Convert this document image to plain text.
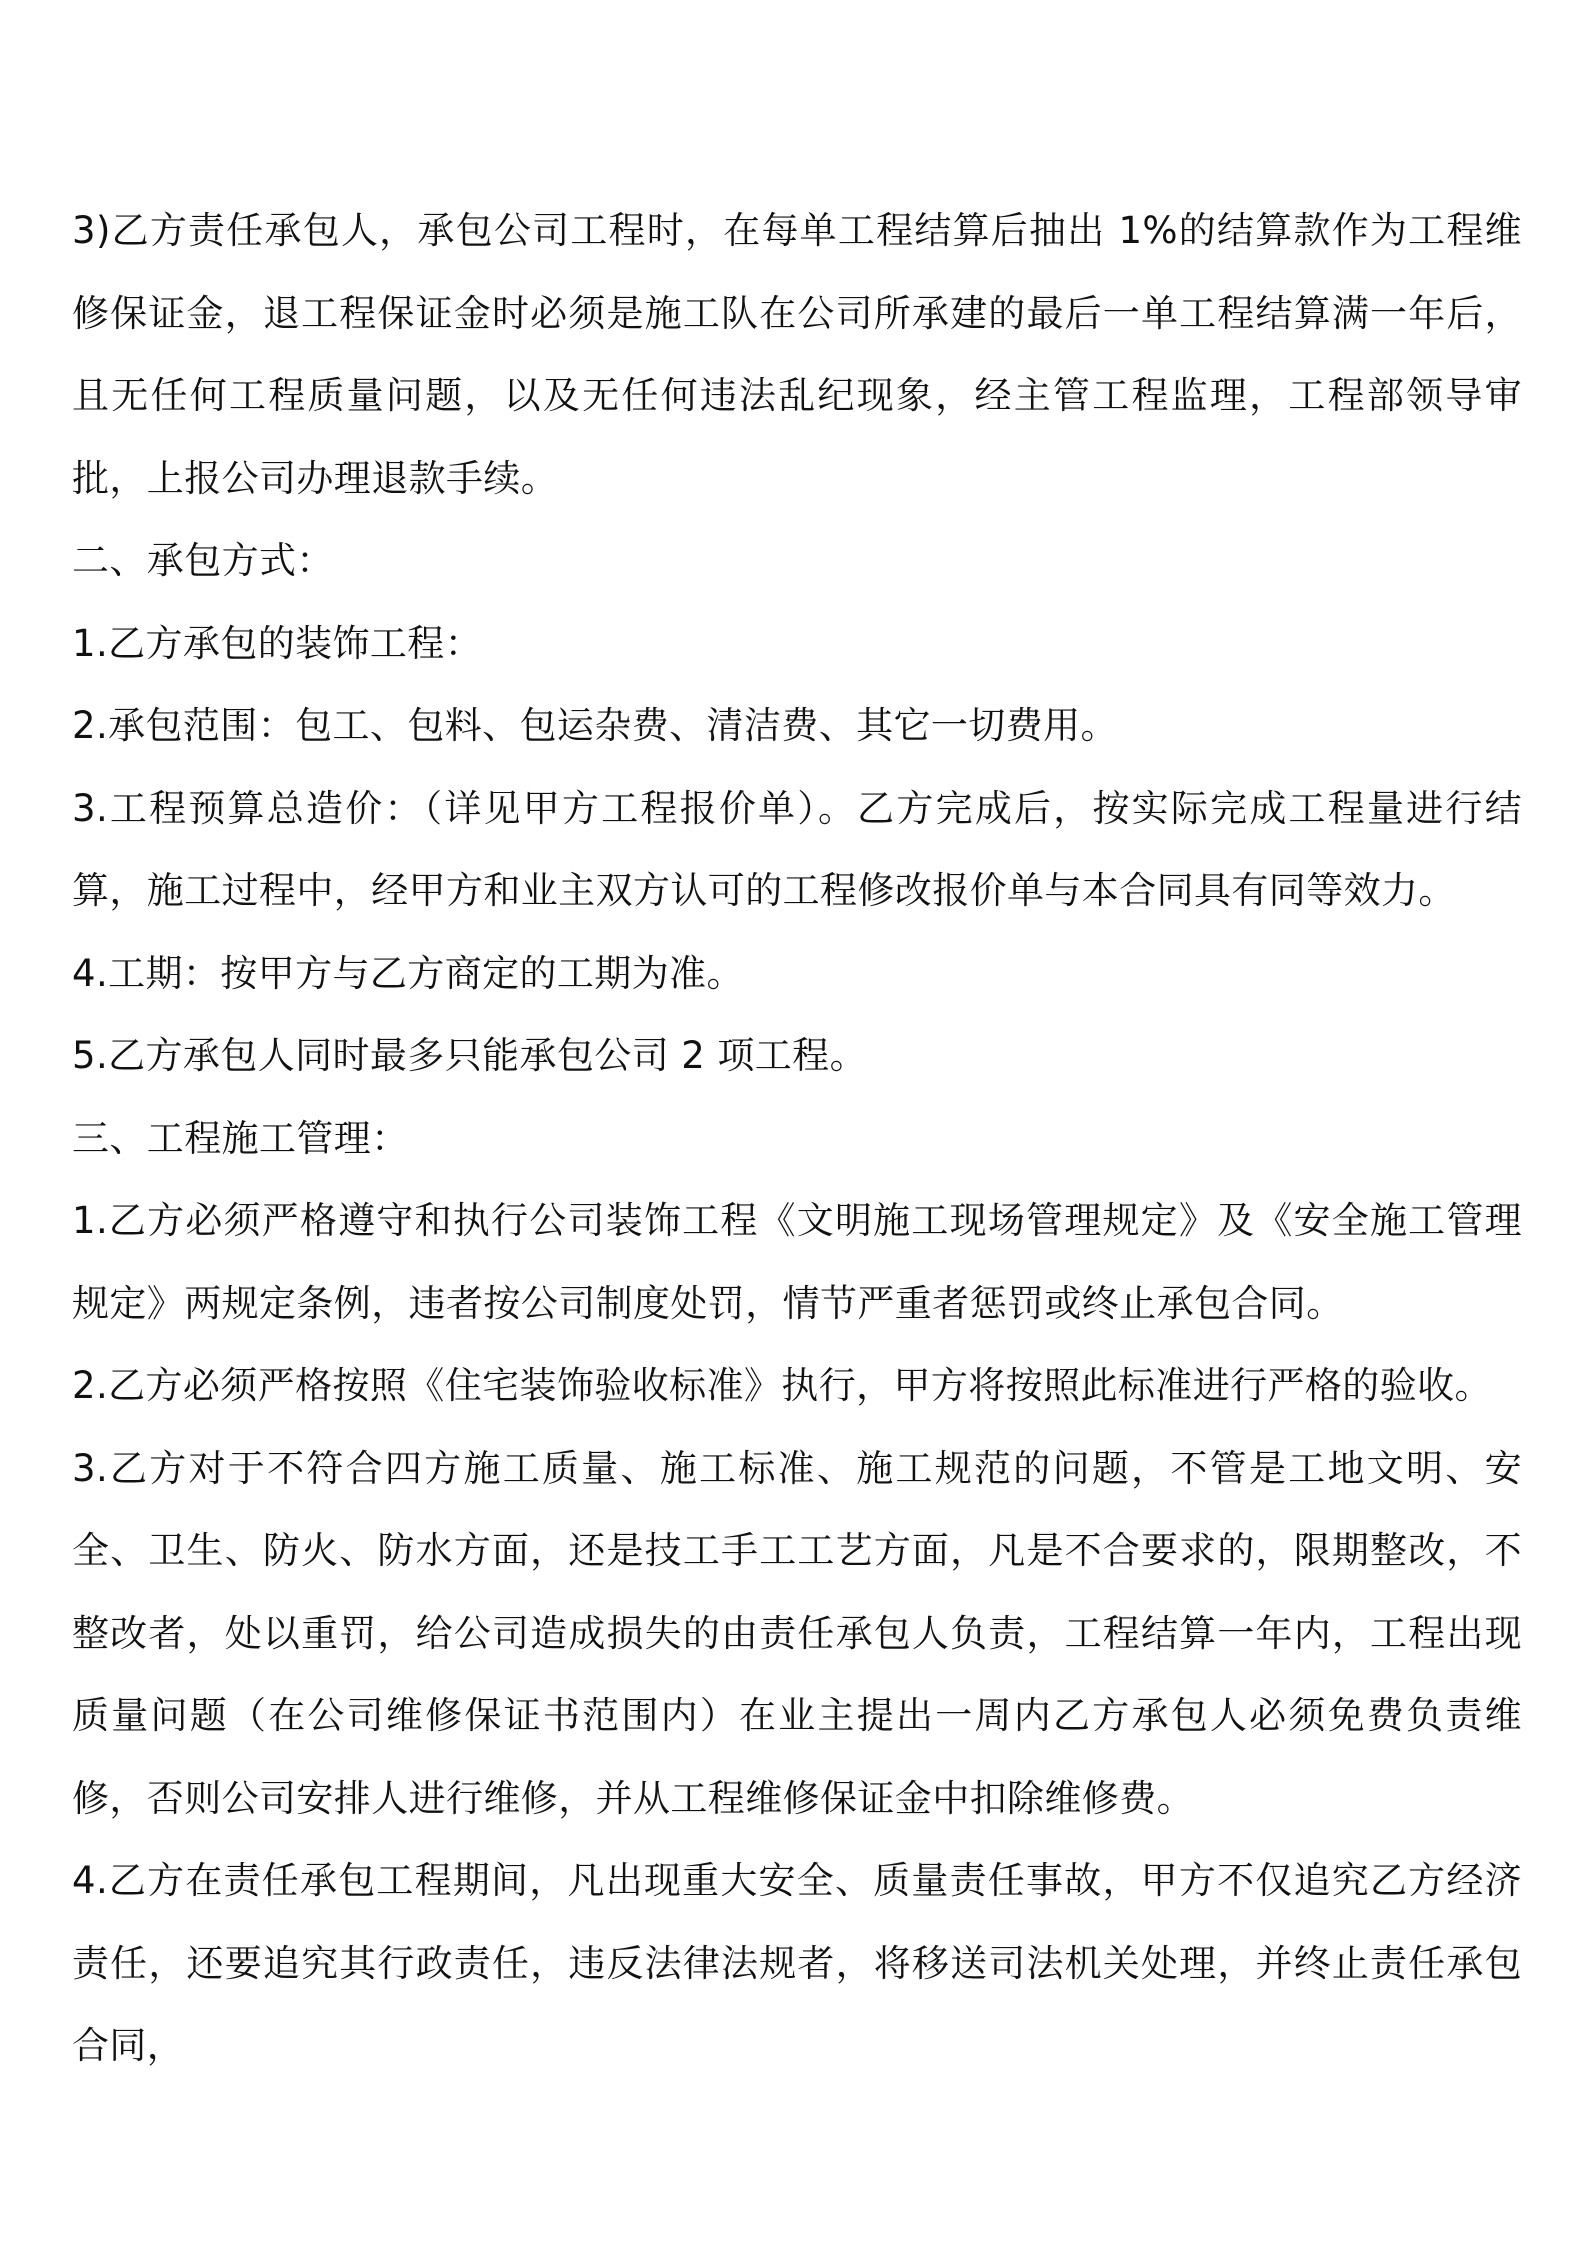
3)乙方责任承包人，承包公司工程时，在每单工程结算后抽出 1%的结算款作为工程维修保证金，退工程保证金时必须是施工队在公司所承建的最后一单工程结算满一年后，且无任何工程质量问题，以及无任何违法乱纪现象，经主管工程监理，工程部领导审批，上报公司办理退款手续。

二、承包方式：

1.乙方承包的装饰工程：

2.承包范围：包工、包料、包运杂费、清洁费、其它一切费用。

3.工程预算总造价：（详见甲方工程报价单）。乙方完成后，按实际完成工程量进行结算，施工过程中，经甲方和业主双方认可的工程修改报价单与本合同具有同等效力。

4.工期：按甲方与乙方商定的工期为准。

5.乙方承包人同时最多只能承包公司 2 项工程。

三、工程施工管理：

1.乙方必须严格遵守和执行公司装饰工程《文明施工现场管理规定》及《安全施工管理规定》两规定条例，违者按公司制度处罚，情节严重者惩罚或终止承包合同。

2.乙方必须严格按照《住宅装饰验收标准》执行，甲方将按照此标准进行严格的验收。

3.乙方对于不符合四方施工质量、施工标准、施工规范的问题，不管是工地文明、安全、卫生、防火、防水方面，还是技工手工工艺方面，凡是不合要求的，限期整改，不整改者，处以重罚，给公司造成损失的由责任承包人负责，工程结算一年内，工程出现质量问题（在公司维修保证书范围内）在业主提出一周内乙方承包人必须免费负责维修，否则公司安排人进行维修，并从工程维修保证金中扣除维修费。

4.乙方在责任承包工程期间，凡出现重大安全、质量责任事故，甲方不仅追究乙方经济责任，还要追究其行政责任，违反法律法规者，将移送司法机关处理，并终止责任承包合同，
